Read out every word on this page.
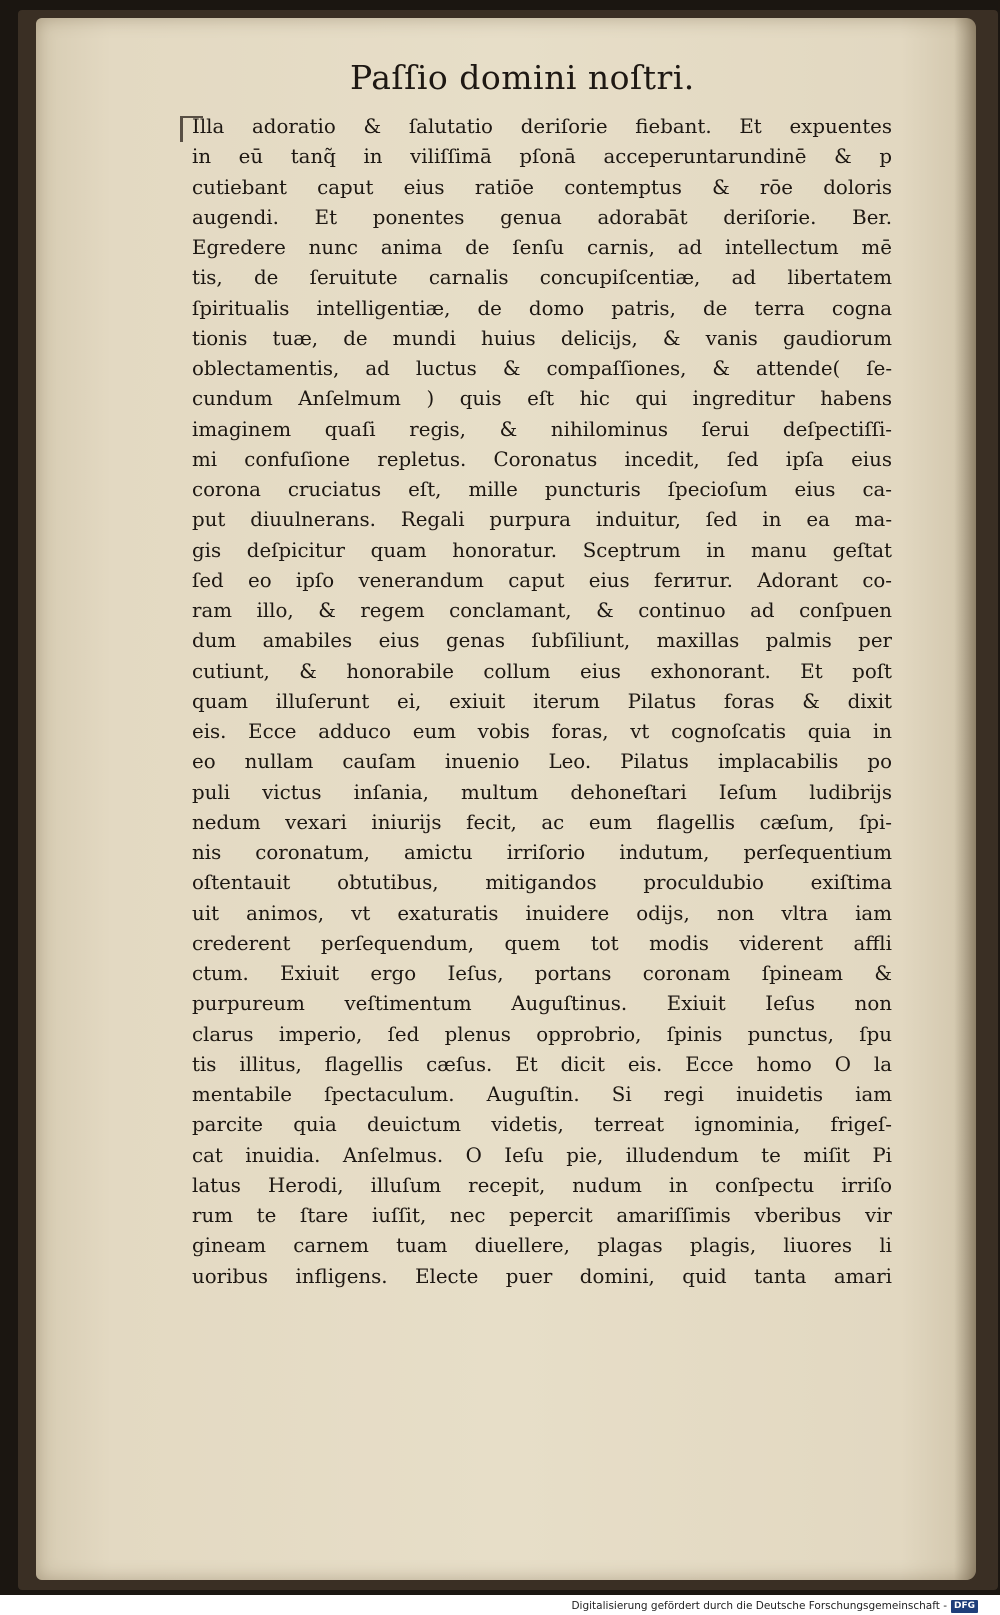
Paſſio domini noſtri.
Illa adoratio & ſalutatio deriſorie fiebant. Et expuentes
in eū tanq̃ in viliſſimā pſonā acceperuntarundinē & p
cutiebant caput eius ratiōe contemptus & rōe doloris
augendi. Et ponentes genua adorabāt deriſorie. Ber.
Egredere nunc anima de ſenſu carnis, ad intellectum mē
tis, de ſeruitute carnalis concupiſcentiæ, ad libertatem
ſpiritualis intelligentiæ, de domo patris, de terra cogna
tionis tuæ, de mundi huius delicijs, & vanis gaudiorum
oblectamentis, ad luctus & compaſſiones, & attende( ſe-
cundum Anſelmum ) quis eſt hic qui ingreditur habens
imaginem quaſi regis, & nihilominus ſerui deſpectiſſi-
mi confuſione repletus. Coronatus incedit, ſed ipſa eius
corona cruciatus eſt, mille puncturis ſpecioſum eius ca-
put diuulnerans. Regali purpura induitur, ſed in ea ma-
gis deſpicitur quam honoratur. Sceptrum in manu geſtat
ſed eo ipſo venerandum caput eius ferитur. Adorant co-
ram illo, & regem conclamant, & continuo ad conſpuen
dum amabiles eius genas ſubſiliunt, maxillas palmis per
cutiunt, & honorabile collum eius exhonorant. Et poſt
quam illuſerunt ei, exiuit iterum Pilatus foras & dixit
eis. Ecce adduco eum vobis foras, vt cognoſcatis quia in
eo nullam cauſam inuenio Leo. Pilatus implacabilis po
puli victus inſania, multum dehoneſtari Ieſum ludibrijs
nedum vexari iniurijs fecit, ac eum flagellis cæſum, ſpi-
nis coronatum, amictu irriſorio indutum, perſequentium
oſtentauit obtutibus, mitigandos proculdubio exiſtima
uit animos, vt exaturatis inuidere odijs, non vltra iam
crederent perſequendum, quem tot modis viderent affli
ctum. Exiuit ergo Ieſus, portans coronam ſpineam &
purpureum veſtimentum Auguſtinus. Exiuit Ieſus non
clarus imperio, ſed plenus opprobrio, ſpinis punctus, ſpu
tis illitus, flagellis cæſus. Et dicit eis. Ecce homo O la
mentabile ſpectaculum. Auguſtin. Si regi inuidetis iam
parcite quia deuictum videtis, terreat ignominia, frigeſ-
cat inuidia. Anſelmus. O Ieſu pie, illudendum te miſit Pi
latus Herodi, illuſum recepit, nudum in conſpectu irriſo
rum te ſtare iuſſit, nec pepercit amariſſimis vberibus vir
gineam carnem tuam diuellere, plagas plagis, liuores li
uoribus infligens. Electe puer domini, quid tanta amari
Digitalisierung gefördert durch die Deutsche Forschungsgemeinschaft - DFG
